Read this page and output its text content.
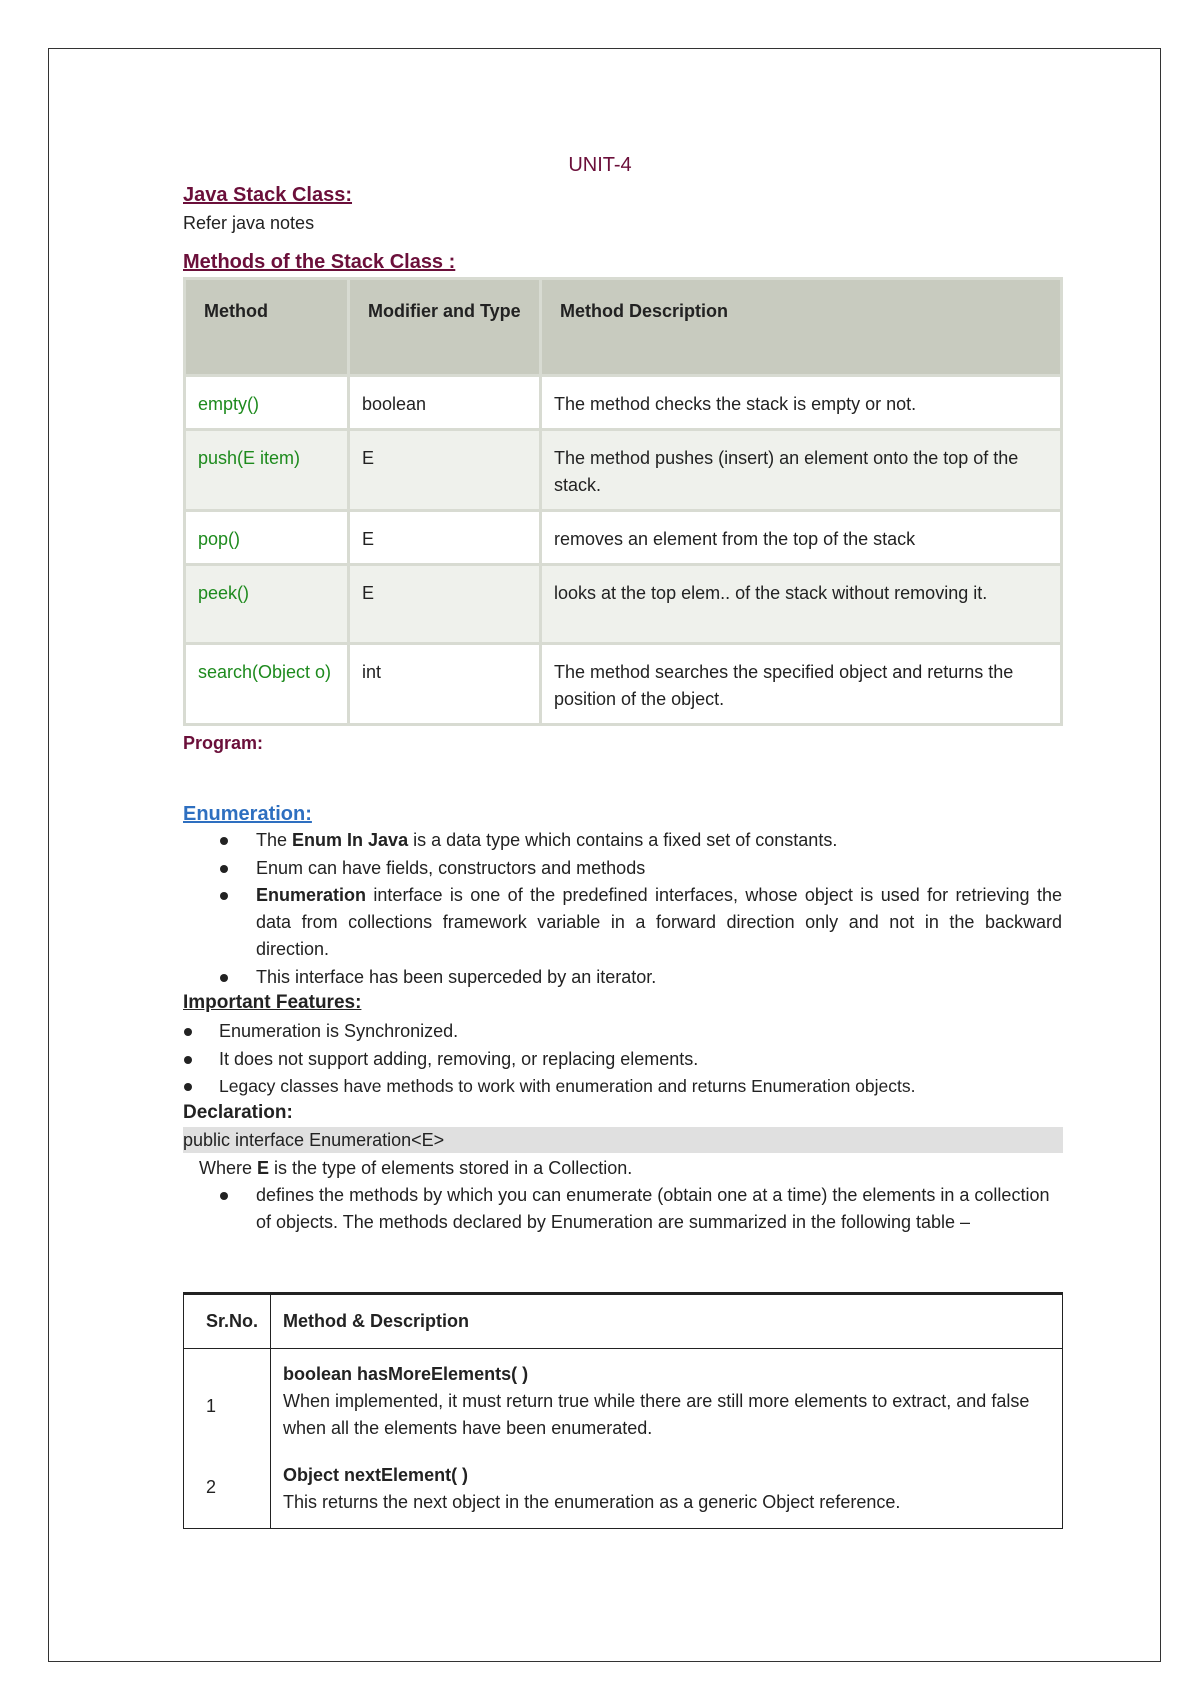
UNIT-4
Java Stack Class:
Refer java notes
Methods of the Stack Class :
Method	Modifier and Type	Method Description
empty()	boolean	The method checks the stack is empty or not.
push(E item)	E	The method pushes (insert) an element onto the top of the stack.
pop()	E	removes an element from the top of the stack
peek()	E	looks at the top elem.. of the stack without removing it.
search(Object o)	int	The method searches the specified object and returns the position of the object.
Program:
Enumeration:
The Enum In Java is a data type which contains a fixed set of constants.
Enum can have fields, constructors and methods
Enumeration interface is one of the predefined interfaces, whose object is used for retrieving the data from collections framework variable in a forward direction only and not in the backward direction.
This interface has been superceded by an iterator.
Important Features:
Enumeration is Synchronized.
It does not support adding, removing, or replacing elements.
Legacy classes have methods to work with enumeration and returns Enumeration objects.
Declaration:
public interface Enumeration<E>
Where E is the type of elements stored in a Collection.
defines the methods by which you can enumerate (obtain one at a time) the elements in a collection of objects. The methods declared by Enumeration are summarized in the following table –
Sr.No.	Method & Description
1	boolean hasMoreElements( )
When implemented, it must return true while there are still more elements to extract, and false when all the elements have been enumerated.

2	Object nextElement( )
This returns the next object in the enumeration as a generic Object reference.
